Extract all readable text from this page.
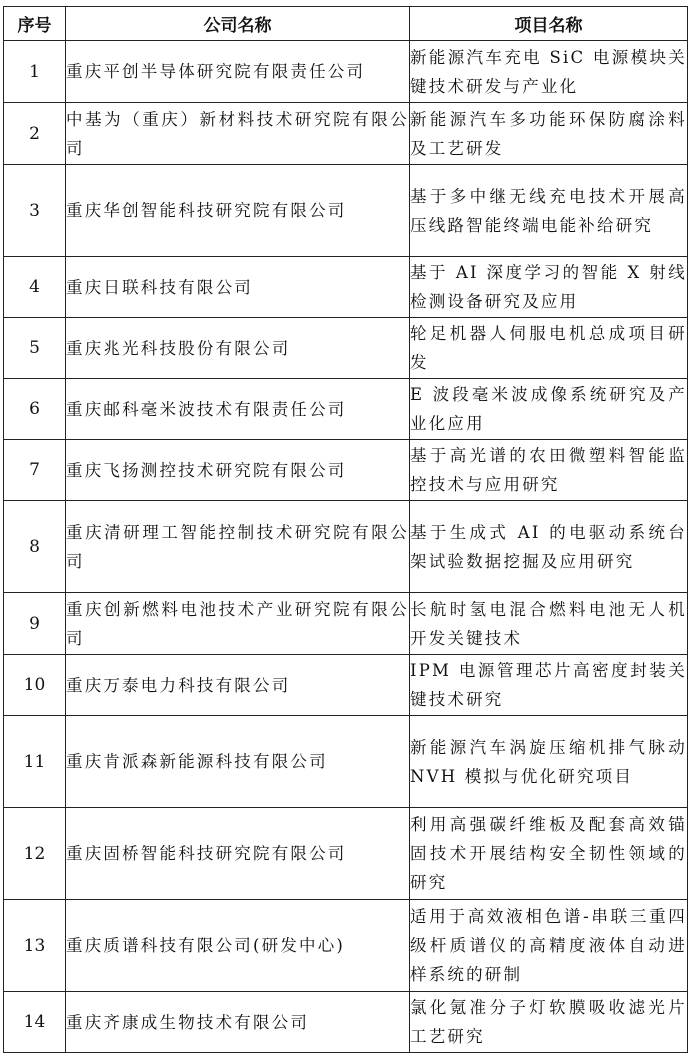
序号	公司名称	项目名称
1	重庆平创半导体研究院有限责任公司	新能源汽车充电 SiC 电源模块关键技术研发与产业化
2	中基为（重庆）新材料技术研究院有限公司	新能源汽车多功能环保防腐涂料及工艺研发
3	重庆华创智能科技研究院有限公司	基于多中继无线充电技术开展高压线路智能终端电能补给研究
4	重庆日联科技有限公司	基于 AI 深度学习的智能 X 射线检测设备研究及应用
5	重庆兆光科技股份有限公司	轮足机器人伺服电机总成项目研发
6	重庆邮科毫米波技术有限责任公司	E 波段毫米波成像系统研究及产业化应用
7	重庆飞扬测控技术研究院有限公司	基于高光谱的农田微塑料智能监控技术与应用研究
8	重庆清研理工智能控制技术研究院有限公司	基于生成式 AI 的电驱动系统台架试验数据挖掘及应用研究
9	重庆创新燃料电池技术产业研究院有限公司	长航时氢电混合燃料电池无人机开发关键技术
10	重庆万泰电力科技有限公司	IPM 电源管理芯片高密度封装关键技术研究
11	重庆肯派森新能源科技有限公司	新能源汽车涡旋压缩机排气脉动 NVH 模拟与优化研究项目
12	重庆固桥智能科技研究院有限公司	利用高强碳纤维板及配套高效锚固技术开展结构安全韧性领域的研究
13	重庆质谱科技有限公司(研发中心)	适用于高效液相色谱-串联三重四级杆质谱仪的高精度液体自动进样系统的研制
14	重庆齐康成生物技术有限公司	氯化氪准分子灯软膜吸收滤光片工艺研究
